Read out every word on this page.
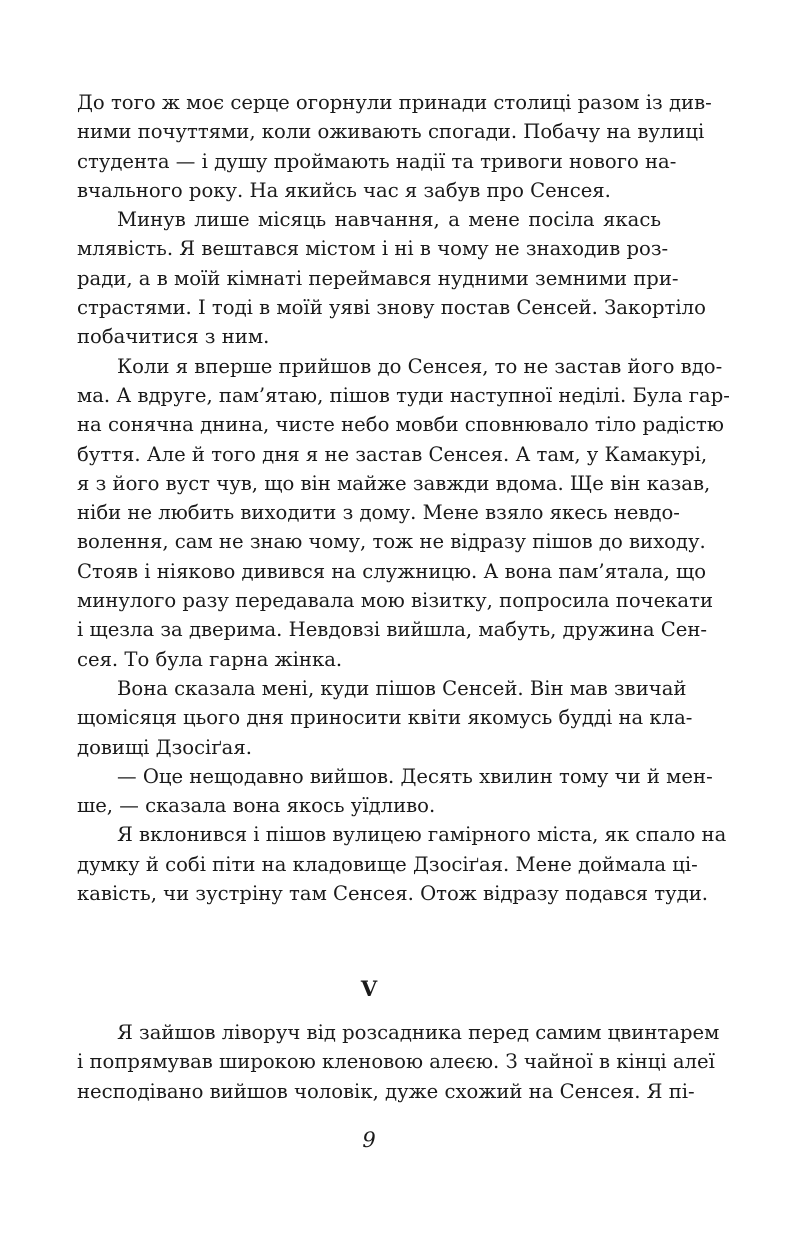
До того ж моє серце огорнули принади столиці разом із див-
ними почуттями, коли оживають спогади. Побачу на вулиці
студента — і душу проймають надії та тривоги нового на-
вчального року. На якийсь час я забув про Сенсея.
Минув лише місяць навчання, а мене посіла якась
млявість. Я вештався містом і ні в чому не знаходив роз-
ради, а в моїй кімнаті переймався нудними земними при-
страстями. І тоді в моїй уяві знову постав Сенсей. Закортіло
побачитися з ним.
Коли я вперше прийшов до Сенсея, то не застав його вдо-
ма. А вдруге, пам’ятаю, пішов туди наступної неділі. Була гар-
на сонячна днина, чисте небо мовби сповнювало тіло радістю
буття. Але й того дня я не застав Сенсея. А там, у Камакурі,
я з його вуст чув, що він майже завжди вдома. Ще він казав,
ніби не любить виходити з дому. Мене взяло якесь невдо-
волення, сам не знаю чому, тож не відразу пішов до виходу.
Стояв і ніяково дивився на служницю. А вона пам’ятала, що
минулого разу передавала мою візитку, попросила почекати
і щезла за дверима. Невдовзі вийшла, мабуть, дружина Сен-
сея. То була гарна жінка.
Вона сказала мені, куди пішов Сенсей. Він мав звичай
щомісяця цього дня приносити квіти якомусь будді на кла-
довищі Дзосіґая.
— Оце нещодавно вийшов. Десять хвилин тому чи й мен-
ше, — сказала вона якось уїдливо.
Я вклонився і пішов вулицею гамірного міста, як спало на
думку й собі піти на кладовище Дзосіґая. Мене доймала ці-
кавість, чи зустріну там Сенсея. Отож відразу подався туди.
V
Я зайшов ліворуч від розсадника перед самим цвинтарем
і попрямував широкою кленовою алеєю. З чайної в кінці алеї
несподівано вийшов чоловік, дуже схожий на Сенсея. Я пі-
9
